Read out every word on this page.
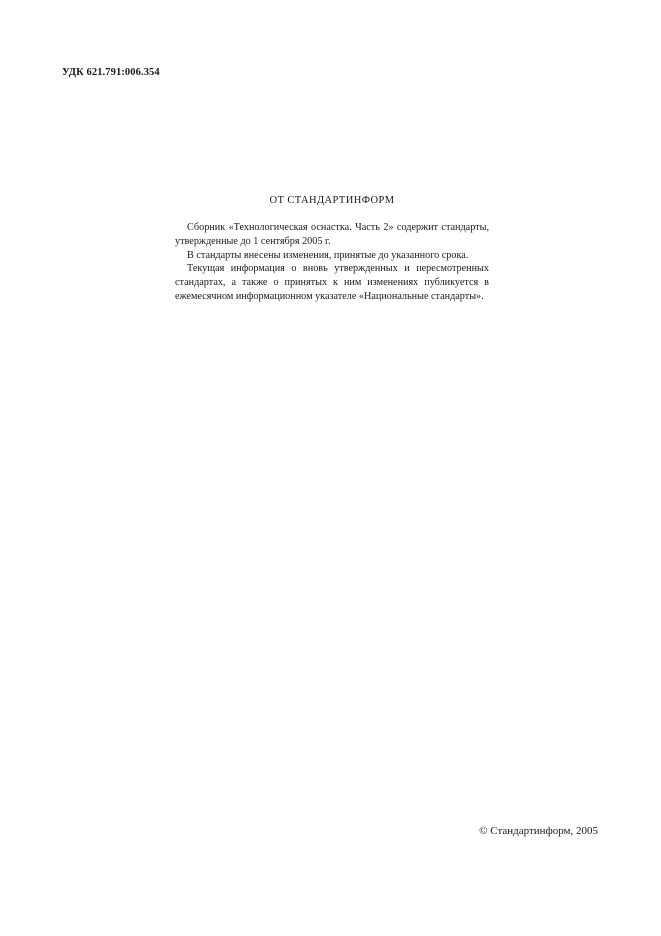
УДК 621.791:006.354
ОТ СТАНДАРТИНФОРМ

Сборник «Технологическая оснастка. Часть 2» содержит стандарты, утвержденные до 1 сентября 2005 г.

В стандарты внесены изменения, принятые до указанного срока.

Текущая информация о вновь утвержденных и пересмотренных стандартах, а также о принятых к ним изменениях публикуется в ежемесячном информационном указателе «Национальные стандарты».

© Стандартинформ, 2005
